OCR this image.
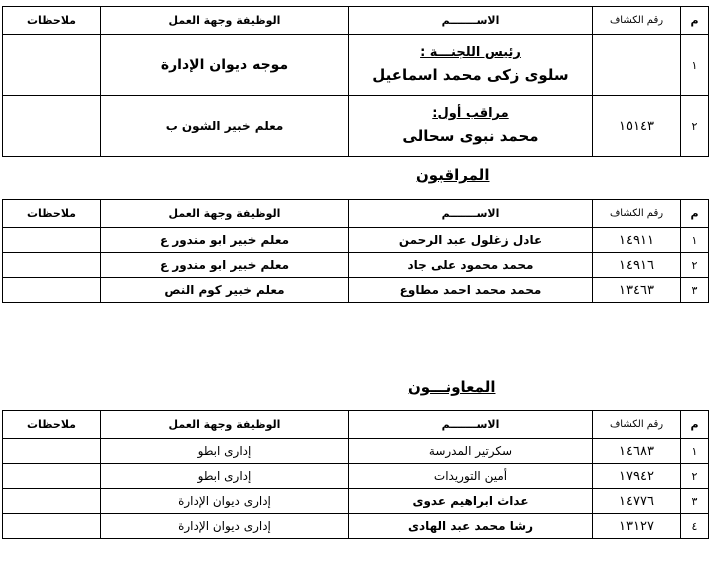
م	رقم الكشاف	الاســـــــم	الوظيفة وجهة العمل	ملاحظات
١		رئيس اللجنـــة :
سلوى زكى محمد اسماعيل	موجه ديوان الإدارة	
٢	١٥١٤٣	مراقب أول:
محمد نبوى سحالى	معلم خبير الشون ب	
المراقبون
م	رقم الكشاف	الاســـــــم	الوظيفة وجهة العمل	ملاحظات
١	١٤٩١١	عادل زغلول عبد الرحمن	معلم خبير ابو مندور ع	
٢	١٤٩١٦	محمد محمود على جاد	معلم خبير ابو مندور ع	
٣	١٣٤٦٣	محمد محمد احمد مطاوع	معلم خبير كوم النص	
المعاونـــون
م	رقم الكشاف	الاســـــــم	الوظيفة وجهة العمل	ملاحظات
١	١٤٦٨٣	سكرتير المدرسة	إدارى ابطو	
٢	١٧٩٤٢	أمين التوريدات	إدارى ابطو	
٣	١٤٧٧٦	عداث ابراهيم عدوى	إدارى ديوان الإدارة	
٤	١٣١٢٧	رشا محمد عبد الهادى	إدارى ديوان الإدارة	
